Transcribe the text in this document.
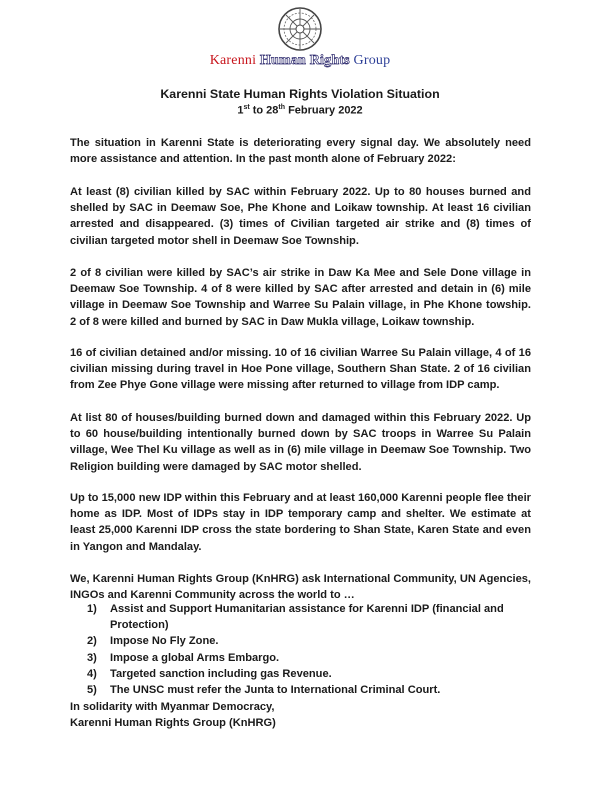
Karenni Human Rights Group
Karenni State Human Rights Violation Situation
1st to 28th February 2022
The situation in Karenni State is deteriorating every signal day. We absolutely need more assistance and attention. In the past month alone of February 2022:
At least (8) civilian killed by SAC within February 2022. Up to 80 houses burned and shelled by SAC in Deemaw Soe, Phe Khone and Loikaw township. At least 16 civilian arrested and disappeared. (3) times of Civilian targeted air strike and (8) times of civilian targeted motor shell in Deemaw Soe Township.
2 of 8 civilian were killed by SAC’s air strike in Daw Ka Mee and Sele Done village in Deemaw Soe Township. 4 of 8 were killed by SAC after arrested and detain in (6) mile village in Deemaw Soe Township and Warree Su Palain village, in Phe Khone towship. 2 of 8 were killed and burned by SAC in Daw Mukla village, Loikaw township.
16 of civilian detained and/or missing. 10 of 16 civilian Warree Su Palain village, 4 of 16 civilian missing during travel in Hoe Pone village, Southern Shan State. 2 of 16 civilian from Zee Phye Gone village were missing after returned to village from IDP camp.
At list 80 of houses/building burned down and damaged within this February 2022. Up to 60 house/building intentionally burned down by SAC troops in Warree Su Palain village, Wee Thel Ku village as well as in (6) mile village in Deemaw Soe Township. Two Religion building were damaged by SAC motor shelled.
Up to 15,000 new IDP within this February and at least 160,000 Karenni people flee their home as IDP. Most of IDPs stay in IDP temporary camp and shelter. We estimate at least 25,000 Karenni IDP cross the state bordering to Shan State, Karen State and even in Yangon and Mandalay.
We, Karenni Human Rights Group (KnHRG) ask International Community, UN Agencies, INGOs and Karenni Community across the world to …
1) Assist and Support Humanitarian assistance for Karenni IDP (financial and Protection)
2) Impose No Fly Zone.
3) Impose a global Arms Embargo.
4) Targeted sanction including gas Revenue.
5) The UNSC must refer the Junta to International Criminal Court.
In solidarity with Myanmar Democracy,
Karenni Human Rights Group (KnHRG)
